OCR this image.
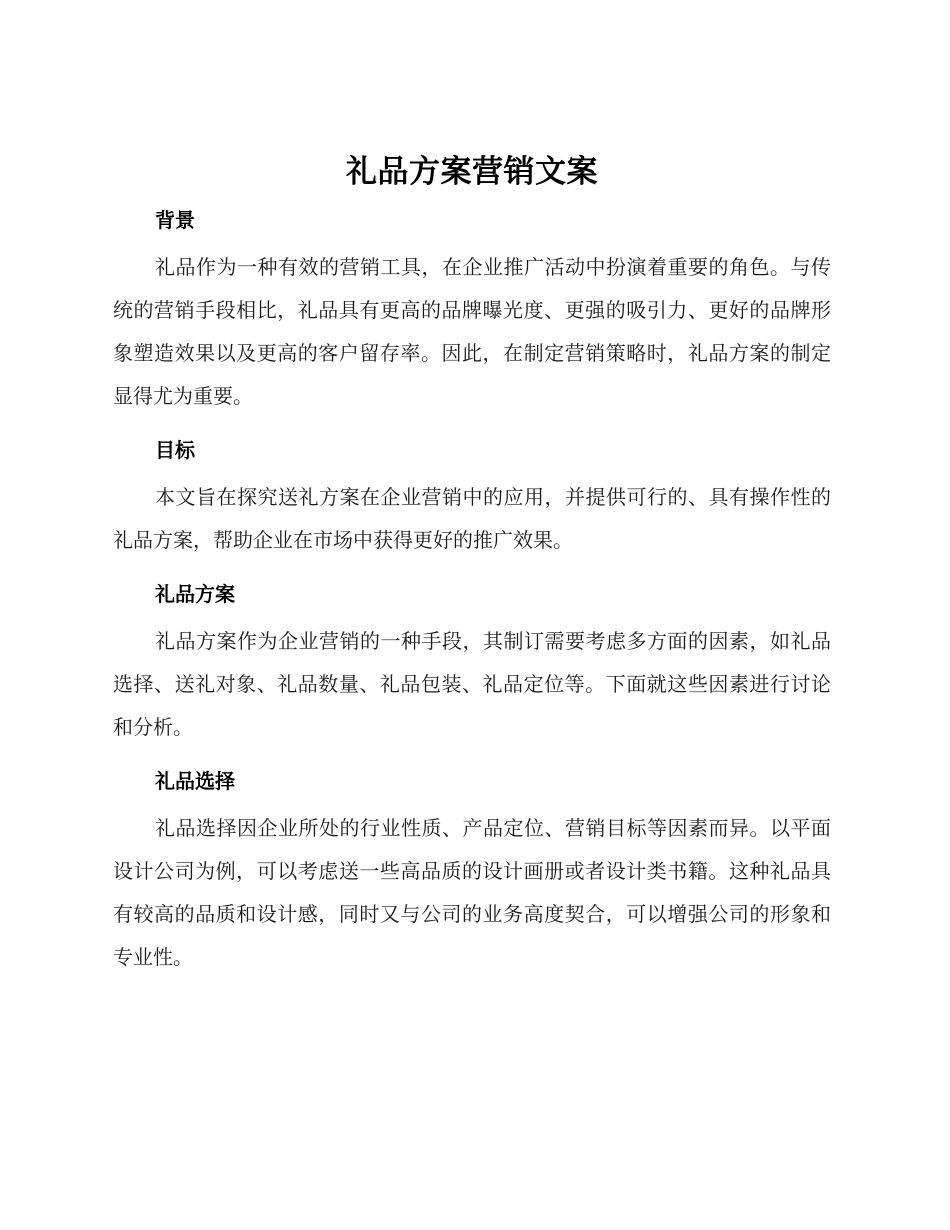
礼品方案营销文案
背景

礼品作为一种有效的营销工具，在企业推广活动中扮演着重要的角色。与传统的营销手段相比，礼品具有更高的品牌曝光度、更强的吸引力、更好的品牌形象塑造效果以及更高的客户留存率。因此，在制定营销策略时，礼品方案的制定显得尤为重要。

目标

本文旨在探究送礼方案在企业营销中的应用，并提供可行的、具有操作性的礼品方案，帮助企业在市场中获得更好的推广效果。

礼品方案

礼品方案作为企业营销的一种手段，其制订需要考虑多方面的因素，如礼品选择、送礼对象、礼品数量、礼品包装、礼品定位等。下面就这些因素进行讨论和分析。

礼品选择

礼品选择因企业所处的行业性质、产品定位、营销目标等因素而异。以平面设计公司为例，可以考虑送一些高品质的设计画册或者设计类书籍。这种礼品具有较高的品质和设计感，同时又与公司的业务高度契合，可以增强公司的形象和专业性。
